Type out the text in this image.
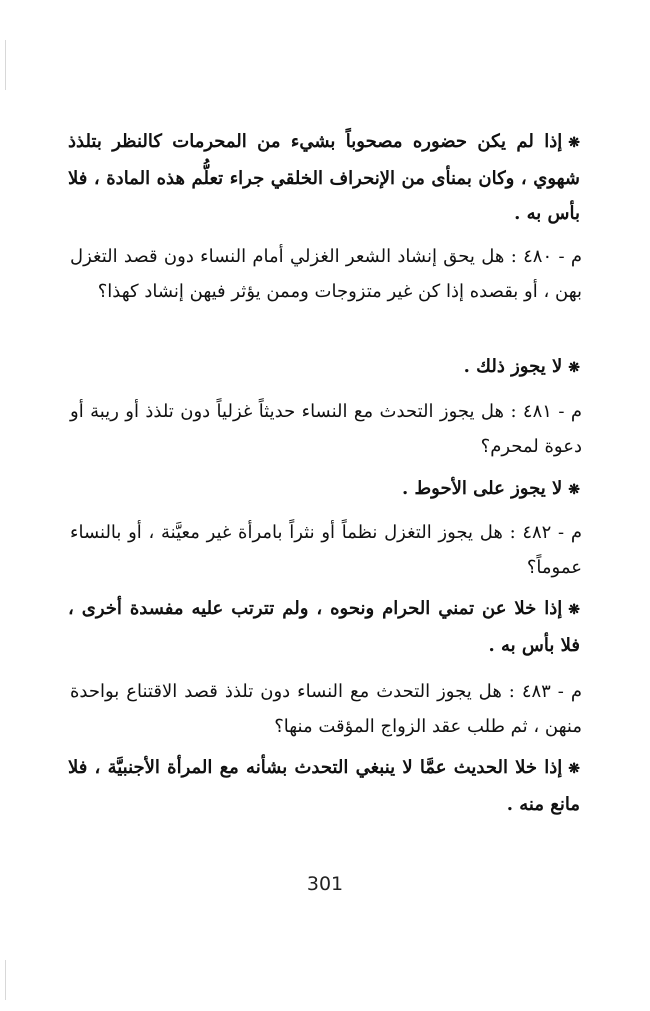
❋إذا لم يكن حضوره مصحوباً بشيء من المحرمات كالنظر بتلذذ شهوي ، وكان بمنأى من الإنحراف الخلقي جراء تعلُّم هذه المادة ، فلا بأس به .
م - ٤٨٠ : هل يحق إنشاد الشعر الغزلي أمام النساء دون قصد التغزل بهن ، أو بقصده إذا كن غير متزوجات وممن يؤثر فيهن إنشاد كهذا؟
❋لا يجوز ذلك .
م - ٤٨١ : هل يجوز التحدث مع النساء حديثاً غزلياً دون تلذذ أو ريبة أو دعوة لمحرم؟
❋لا يجوز على الأحوط .
م - ٤٨٢ : هل يجوز التغزل نظماً أو نثراً بامرأة غير معيَّنة ، أو بالنساء عموماً؟
❋إذا خلا عن تمني الحرام ونحوه ، ولم تترتب عليه مفسدة أخرى ، فلا بأس به .
م - ٤٨٣ : هل يجوز التحدث مع النساء دون تلذذ قصد الاقتناع بواحدة منهن ، ثم طلب عقد الزواج المؤقت منها؟
❋إذا خلا الحديث عمَّا لا ينبغي التحدث بشأنه مع المرأة الأجنبيَّة ، فلا مانع منه .
301
